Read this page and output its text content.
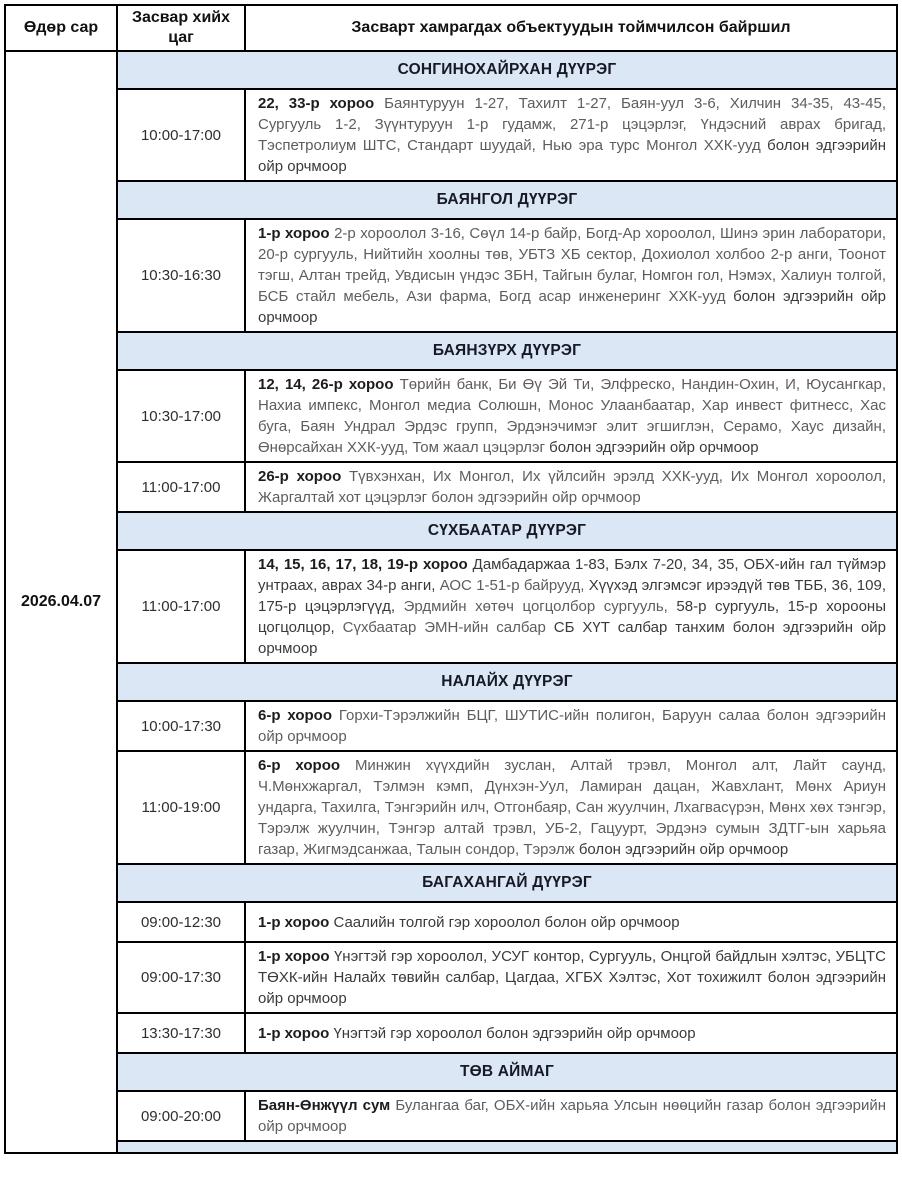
Өдөр сар	Засвар хийх цаг	Засварт хамрагдах объектуудын тоймчилсон байршил
2026.04.07	СОНГИНОХАЙРХАН ДҮҮРЭГ	
	10:00-17:00	22, 33-р хороо Баянтуруун 1-27, Тахилт 1-27, Баян-уул 3-6, Хилчин 34-35, 43-45, Сургууль 1-2, Зүүнтуруун 1-р гудамж, 271-р цэцэрлэг, Үндэсний аврах бригад, Тэспетролиум ШТС, Стандарт шуудай, Нью эра турс Монгол ХХК-ууд болон эдгээрийн ойр орчмоор
	БАЯНГОЛ ДҮҮРЭГ	
	10:30-16:30	1-р хороо 2-р хороолол 3-16, Сөүл 14-р байр, Богд-Ар хороолол, Шинэ эрин лаборатори, 20-р сургууль, Нийтийн хоолны төв, УБТЗ ХБ сектор, Дохиолол холбоо 2-р анги, Тоонот тэгш, Алтан трейд, Увдисын үндэс ЗБН, Тайгын булаг, Номгон гол, Нэмэх, Халиун толгой, БСБ стайл мебель, Ази фарма, Богд асар инженеринг ХХК-ууд болон эдгээрийн ойр орчмоор
	БАЯНЗҮРХ ДҮҮРЭГ	
	10:30-17:00	12, 14, 26-р хороо Төрийн банк, Би Өү Эй Ти, Элфреско, Нандин-Охин, И, Юусангкар, Нахиа импекс, Монгол медиа Солюшн, Монос Улаанбаатар, Хар инвест фитнесс, Хас буга, Баян Ундрал Эрдэс групп, Эрдэнэчимэг элит эгшиглэн, Серамо, Хаус дизайн, Өнөрсайхан ХХК-ууд, Том жаал цэцэрлэг болон эдгээрийн ойр орчмоор
	11:00-17:00	26-р хороо Түвхэнхан, Их Монгол, Их үйлсийн эрэлд ХХК-ууд, Их Монгол хороолол, Жаргалтай хот цэцэрлэг болон эдгээрийн ойр орчмоор
	СҮХБААТАР ДҮҮРЭГ	
	11:00-17:00	14, 15, 16, 17, 18, 19-р хороо Дамбадаржаа 1-83, Бэлх 7-20, 34, 35, ОБХ-ийн гал түймэр унтраах, аврах 34-р анги, АОС 1-51-р байрууд, Хүүхэд элгэмсэг ирээдүй төв ТББ, 36, 109, 175-р цэцэрлэгүүд, Эрдмийн хөтөч цогцолбор сургууль, 58-р сургууль, 15-р хорооны цогцолцор, Сүхбаатар ЭМН-ийн салбар СБ ХҮТ салбар танхим болон эдгээрийн ойр орчмоор
	НАЛАЙХ ДҮҮРЭГ	
	10:00-17:30	6-р хороо Горхи-Тэрэлжийн БЦГ, ШУТИС-ийн полигон, Баруун салаа болон эдгээрийн ойр орчмоор
	11:00-19:00	6-р хороо Минжин хүүхдийн зуслан, Алтай трэвл, Монгол алт, Лайт саунд, Ч.Мөнхжаргал, Тэлмэн кэмп, Дүнхэн-Уул, Ламиран дацан, Жавхлант, Мөнх Ариун ундарга, Тахилга, Тэнгэрийн илч, Отгонбаяр, Сан жуулчин, Лхагвасүрэн, Мөнх хөх тэнгэр, Тэрэлж жуулчин, Тэнгэр алтай трэвл, УБ-2, Гацуурт, Эрдэнэ сумын ЗДТГ-ын харьяа газар, Жигмэдсанжаа, Талын сондор, Тэрэлж болон эдгээрийн ойр орчмоор
	БАГАХАНГАЙ ДҮҮРЭГ	
	09:00-12:30	1-р хороо Саалийн толгой гэр хороолол болон ойр орчмоор
	09:00-17:30	1-р хороо Үнэгтэй гэр хороолол, УСУГ контор, Сургууль, Онцгой байдлын хэлтэс, УБЦТС ТӨХК-ийн Налайх төвийн салбар, Цагдаа, ХГБХ Хэлтэс, Хот тохижилт болон эдгээрийн ойр орчмоор
	13:30-17:30	1-р хороо Үнэгтэй гэр хороолол болон эдгээрийн ойр орчмоор
	ТӨВ АЙМАГ	
	09:00-20:00	Баян-Өнжүүл сум Булангаа баг, ОБХ-ийн харьяа Улсын нөөцийн газар болон эдгээрийн ойр орчмоор
